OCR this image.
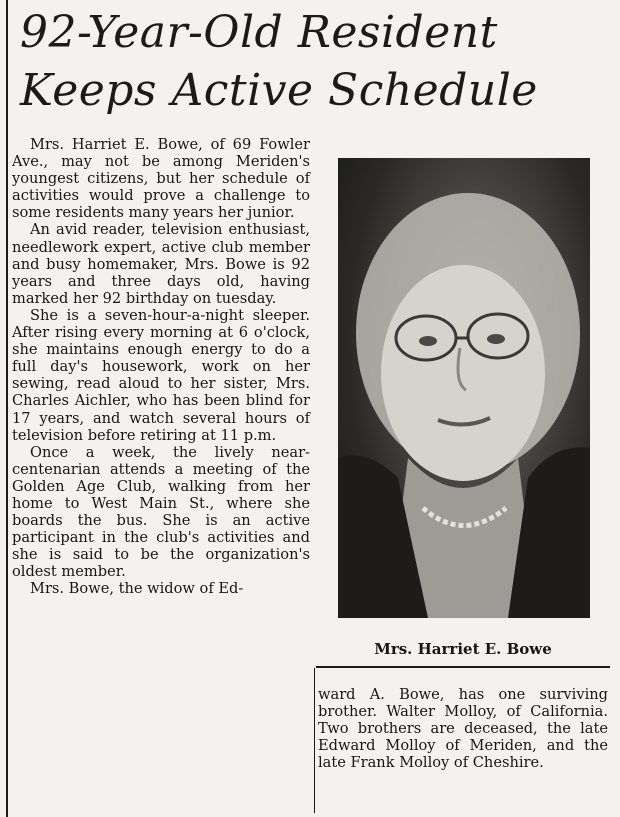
92-Year-Old Resident
Keeps Active Schedule

Mrs. Harriet E. Bowe, of 69 Fowler Ave., may not be among Meriden's youngest citizens, but her schedule of activities would prove a challenge to some residents many years her junior.

An avid reader, television enthusiast, needlework expert, active club member and busy homemaker, Mrs. Bowe is 92 years and three days old, having marked her 92 birthday on tuesday.

She is a seven-hour-a-night sleeper. After rising every morning at 6 o'clock, she maintains enough energy to do a full day's housework, work on her sewing, read aloud to her sister, Mrs. Charles Aichler, who has been blind for 17 years, and watch several hours of television before retiring at 11 p.m.

Once a week, the lively near-centenarian attends a meeting of the Golden Age Club, walking from her home to West Main St., where she boards the bus. She is an active participant in the club's activities and she is said to be the organization's oldest member.

Mrs. Bowe, the widow of Ed-

Mrs. Harriet E. Bowe

ward A. Bowe, has one surviving brother. Walter Molloy, of California. Two brothers are deceased, the late Edward Molloy of Meriden, and the late Frank Molloy of Cheshire.
